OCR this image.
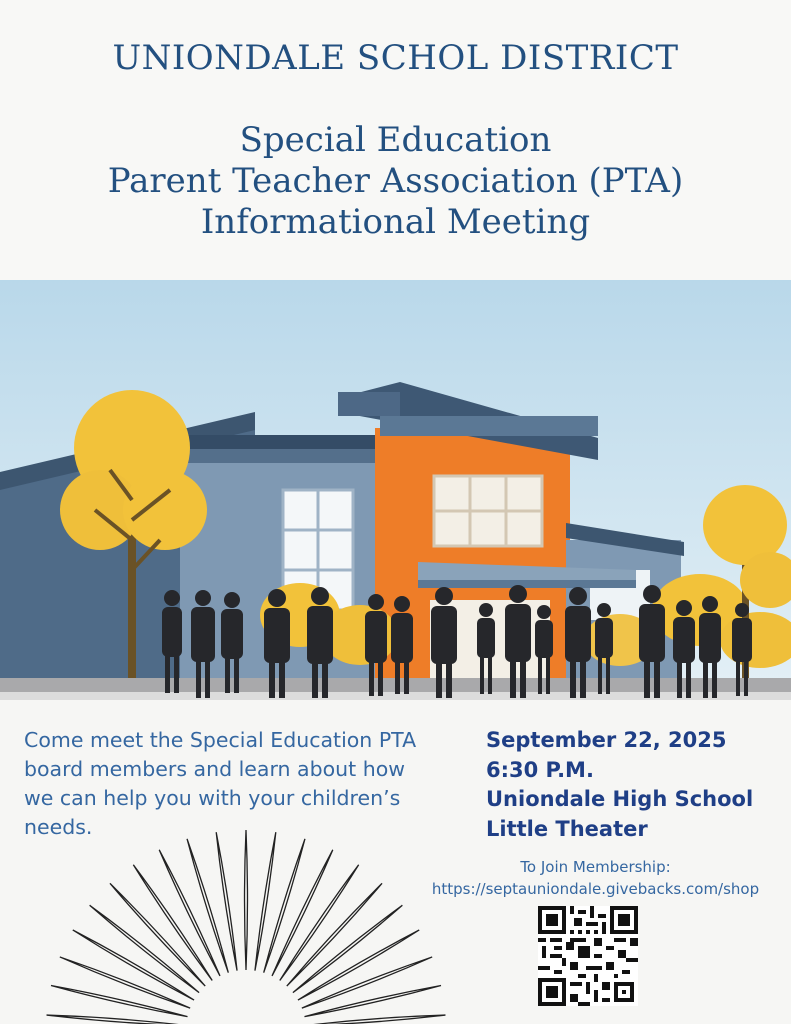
UNIONDALE SCHOL DISTRICT
Special Education
Parent Teacher Association (PTA)
Informational Meeting
Come meet the Special Education PTA
board members and learn about how
we can help you with your children’s
needs.
September 22, 2025
6:30 P.M.
Uniondale High School
Little Theater
To Join Membership:
https://septauniondale.givebacks.com/shop
